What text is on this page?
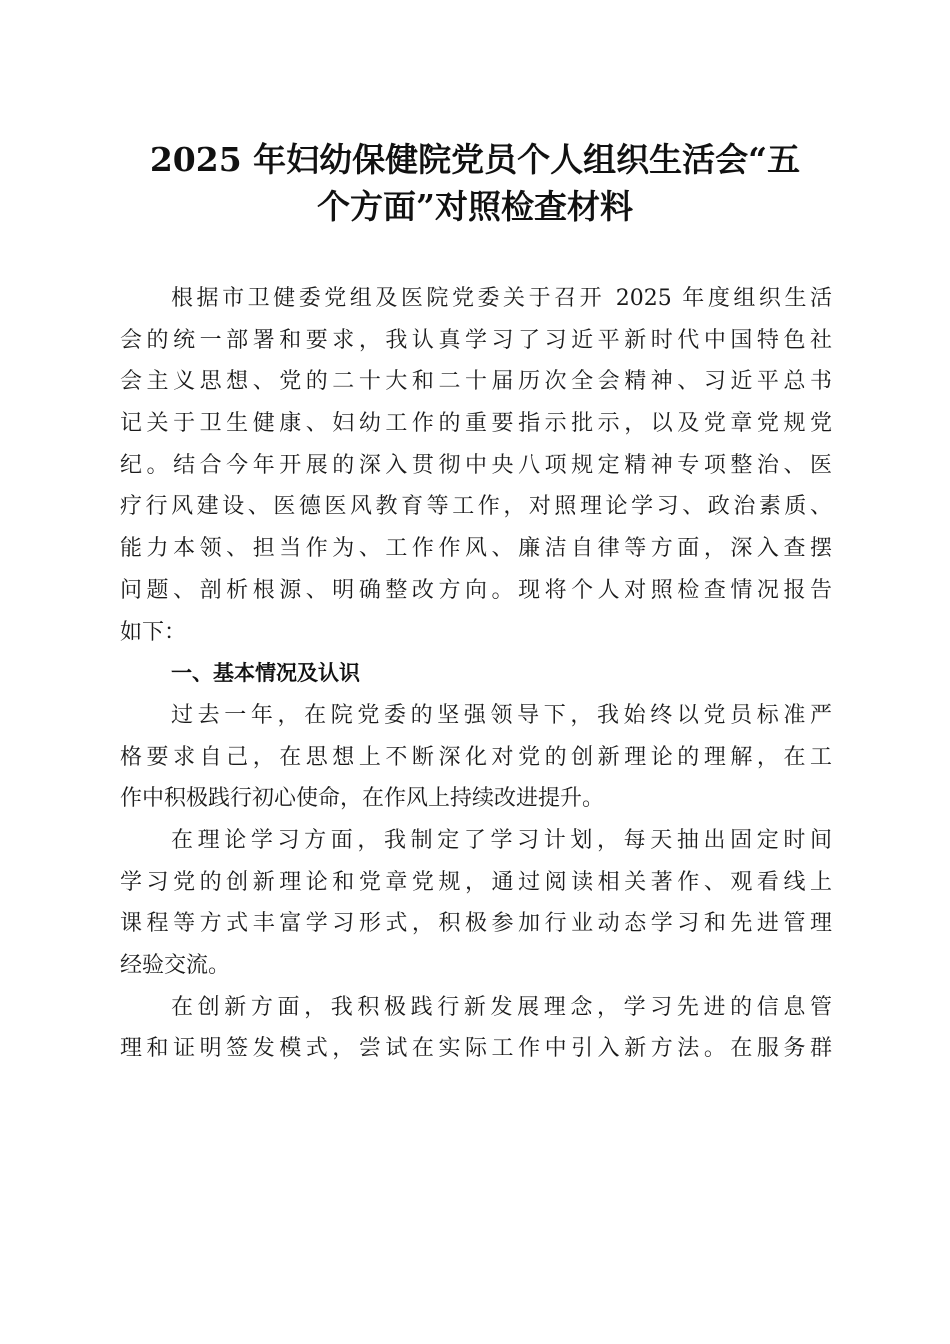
2025 年妇幼保健院党员个人组织生活会“五
个方面”对照检查材料
根据市卫健委党组及医院党委关于召开 2025 年度组织生活
会的统一部署和要求，我认真学习了习近平新时代中国特色社
会主义思想、党的二十大和二十届历次全会精神、习近平总书
记关于卫生健康、妇幼工作的重要指示批示，以及党章党规党
纪。结合今年开展的深入贯彻中央八项规定精神专项整治、医
疗行风建设、医德医风教育等工作，对照理论学习、政治素质、
能力本领、担当作为、工作作风、廉洁自律等方面，深入查摆
问题、剖析根源、明确整改方向。现将个人对照检查情况报告
如下：
一、基本情况及认识
过去一年，在院党委的坚强领导下，我始终以党员标准严
格要求自己，在思想上不断深化对党的创新理论的理解，在工
作中积极践行初心使命，在作风上持续改进提升。
在理论学习方面，我制定了学习计划，每天抽出固定时间
学习党的创新理论和党章党规，通过阅读相关著作、观看线上
课程等方式丰富学习形式，积极参加行业动态学习和先进管理
经验交流。
在创新方面，我积极践行新发展理念，学习先进的信息管
理和证明签发模式，尝试在实际工作中引入新方法。在服务群
